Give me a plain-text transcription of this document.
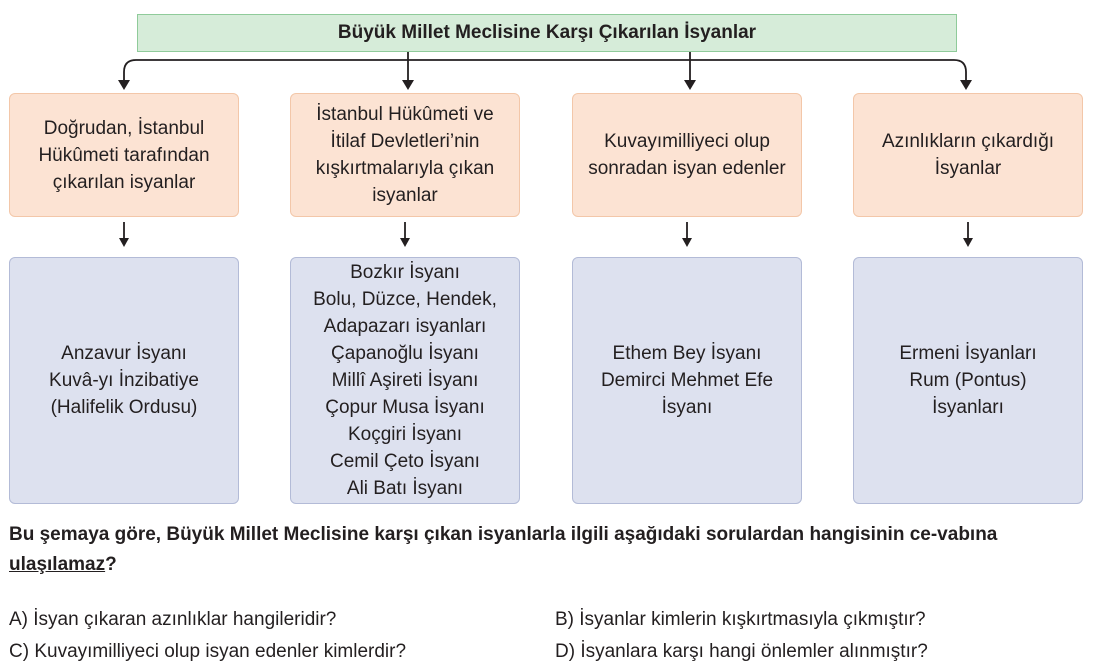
Büyük Millet Meclisine Karşı Çıkarılan İsyanlar
Doğrudan, İstanbul Hükûmeti tarafından çıkarılan isyanlar
İstanbul Hükûmeti ve İtilaf Devletleri’nin kışkırtmalarıyla çıkan isyanlar
Kuvayımilliyeci olup sonradan isyan edenler
Azınlıkların çıkardığı İsyanlar
Anzavur İsyanı
Kuvâ-yı İnzibatiye
(Halifelik Ordusu)
Bozkır İsyanı
Bolu, Düzce, Hendek,
Adapazarı isyanları
Çapanoğlu İsyanı
Millî Aşireti İsyanı
Çopur Musa İsyanı
Koçgiri İsyanı
Cemil Çeto İsyanı
Ali Batı İsyanı
Ethem Bey İsyanı
Demirci Mehmet Efe
İsyanı
Ermeni İsyanları
Rum (Pontus)
İsyanları
Bu şemaya göre, Büyük Millet Meclisine karşı çıkan isyanlarla ilgili aşağıdaki sorulardan hangisinin ce-vabına ulaşılamaz?
A) İsyan çıkaran azınlıklar hangileridir?	B) İsyanlar kimlerin kışkırtmasıyla çıkmıştır?
C) Kuvayımilliyeci olup isyan edenler kimlerdir?	D) İsyanlara karşı hangi önlemler alınmıştır?
